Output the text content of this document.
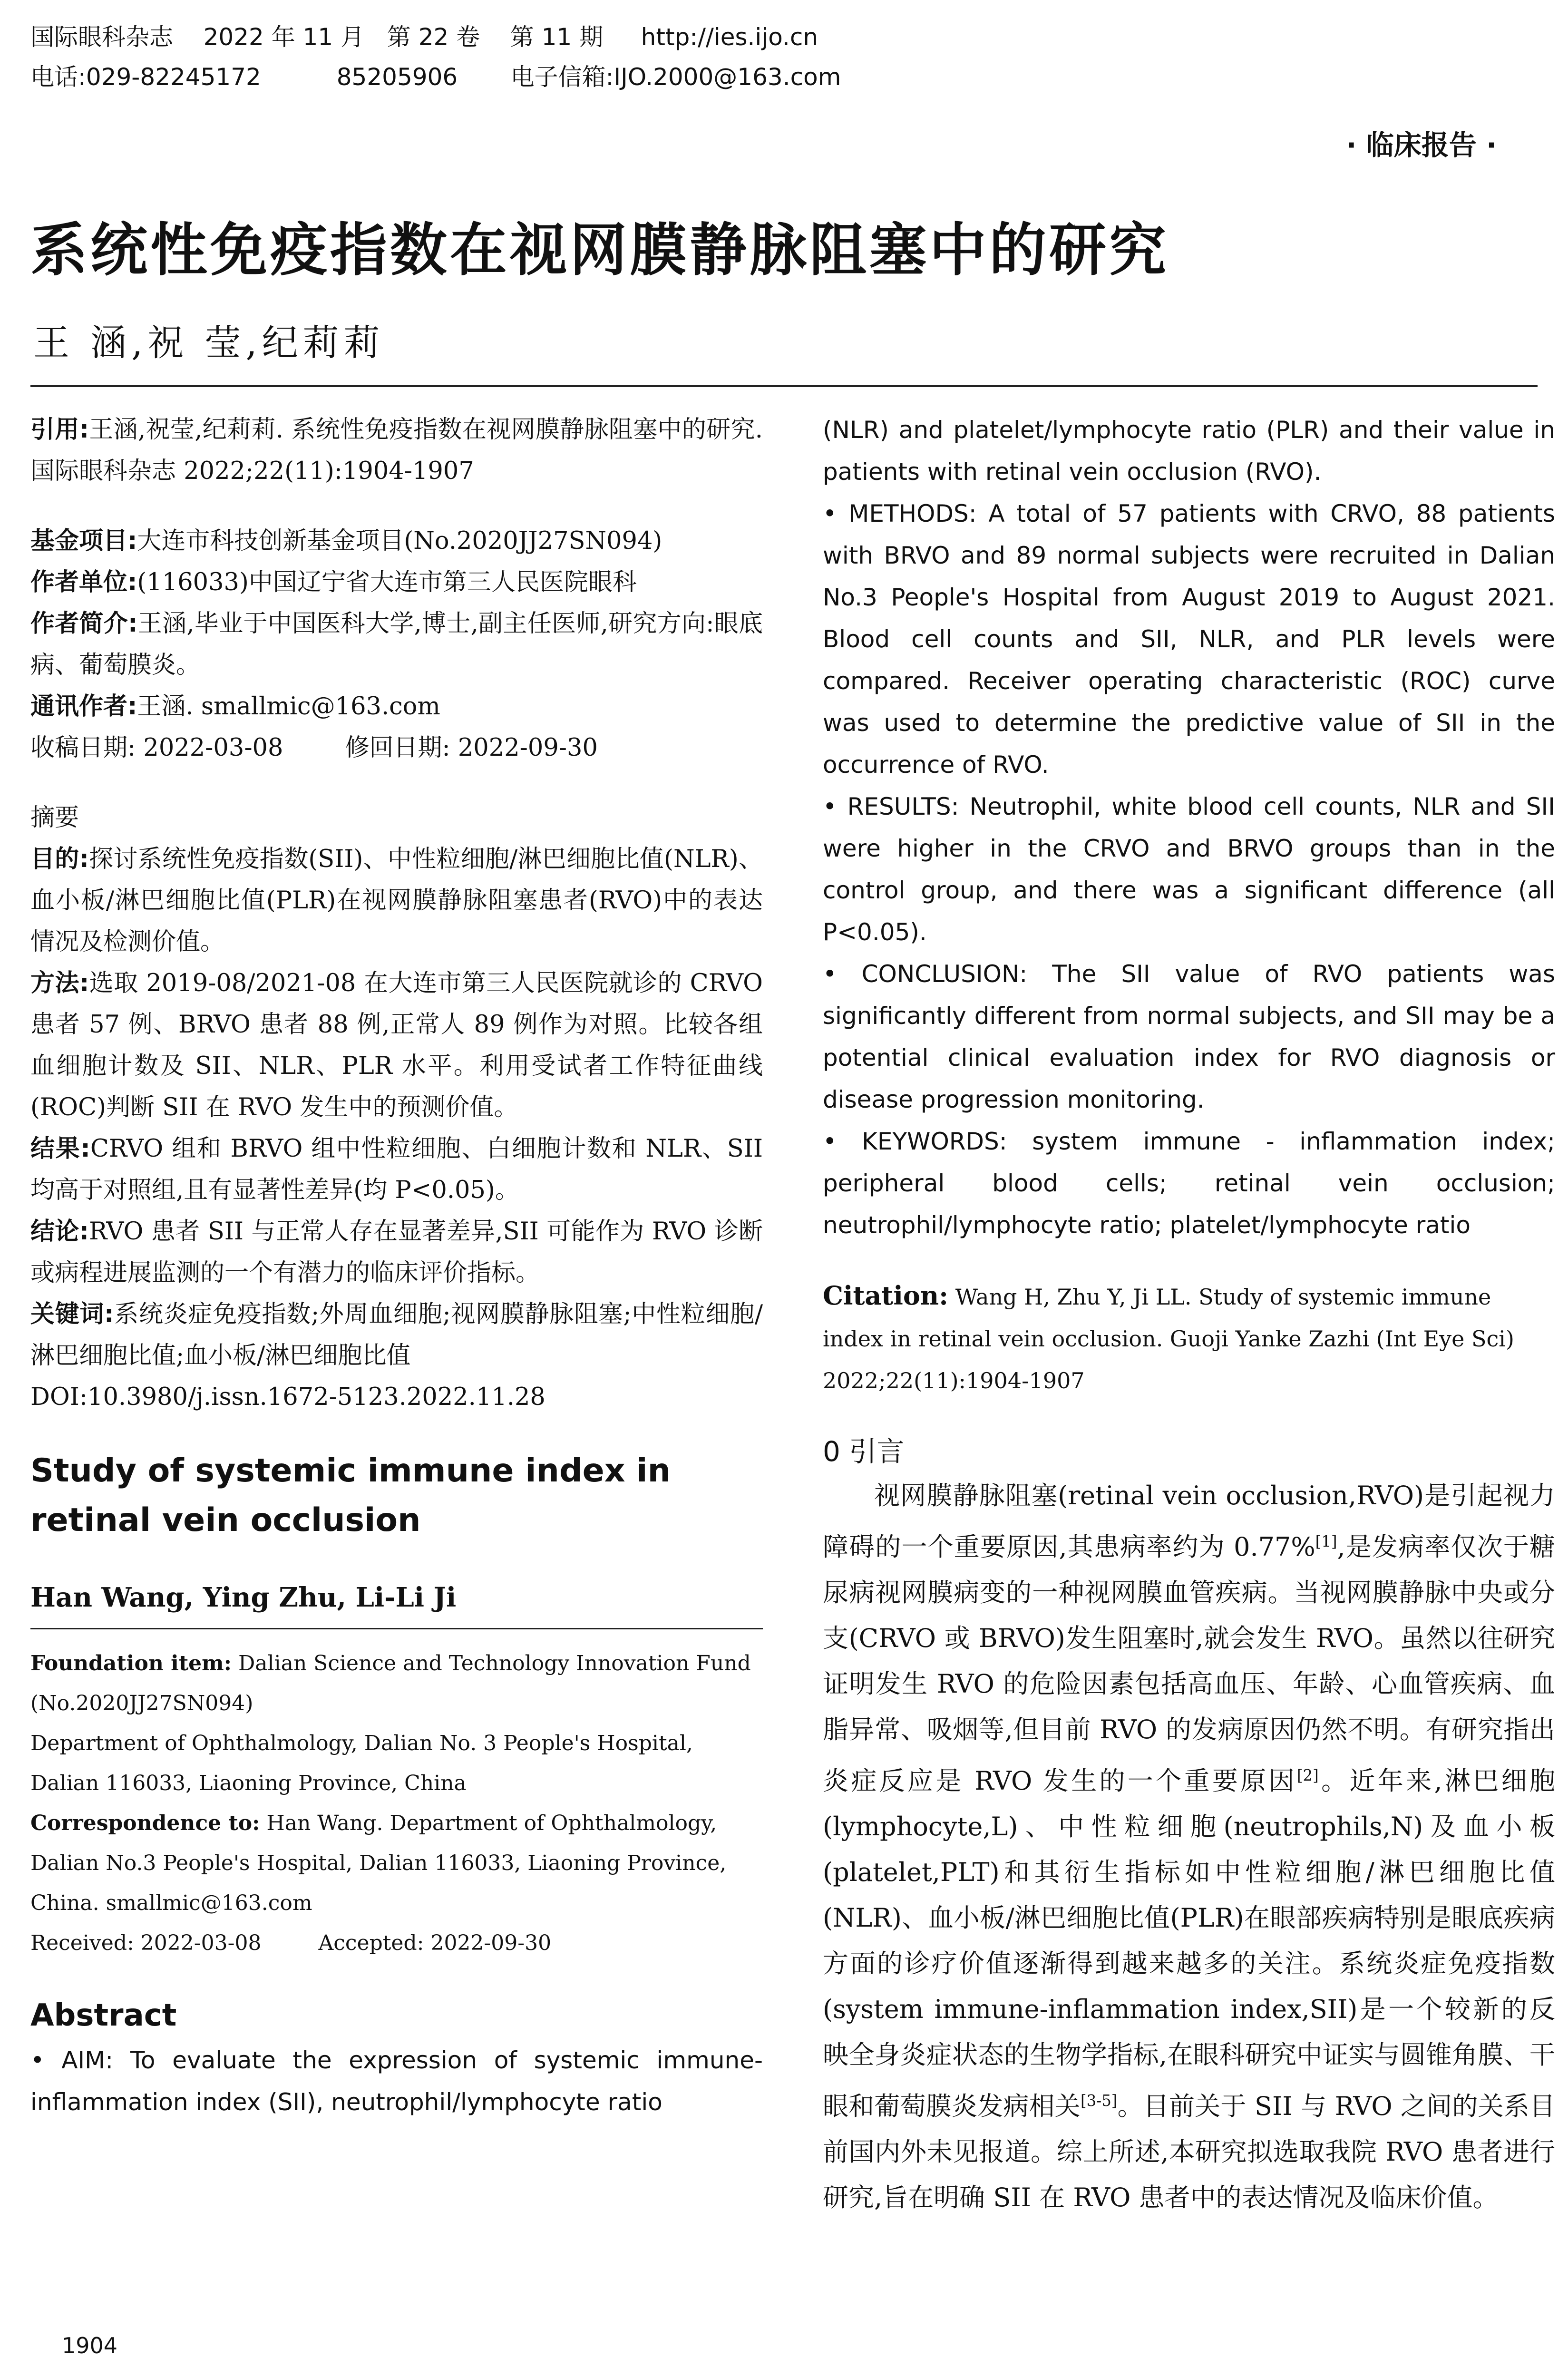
国际眼科杂志    2022 年 11 月   第 22 卷    第 11 期     http://ies.ijo.cn
电话:029-82245172          85205906       电子信箱:IJO.2000@163.com
· 临床报告 ·
系统性免疫指数在视网膜静脉阻塞中的研究
王 涵,祝 莹,纪莉莉
引用:王涵,祝莹,纪莉莉. 系统性免疫指数在视网膜静脉阻塞中的研究. 国际眼科杂志 2022;22(11):1904-1907
基金项目:大连市科技创新基金项目(No.2020JJ27SN094)
作者单位:(116033)中国辽宁省大连市第三人民医院眼科
作者简介:王涵,毕业于中国医科大学,博士,副主任医师,研究方向:眼底病、葡萄膜炎。
通讯作者:王涵. smallmic@163.com
收稿日期: 2022-03-08	修回日期: 2022-09-30
摘要
目的:探讨系统性免疫指数(SII)、中性粒细胞/淋巴细胞比值(NLR)、血小板/淋巴细胞比值(PLR)在视网膜静脉阻塞患者(RVO)中的表达情况及检测价值。
方法:选取 2019-08/2021-08 在大连市第三人民医院就诊的 CRVO 患者 57 例、BRVO 患者 88 例,正常人 89 例作为对照。比较各组血细胞计数及 SII、NLR、PLR 水平。利用受试者工作特征曲线(ROC)判断 SII 在 RVO 发生中的预测价值。
结果:CRVO 组和 BRVO 组中性粒细胞、白细胞计数和 NLR、SII 均高于对照组,且有显著性差异(均 P<0.05)。
结论:RVO 患者 SII 与正常人存在显著差异,SII 可能作为 RVO 诊断或病程进展监测的一个有潜力的临床评价指标。
关键词:系统炎症免疫指数;外周血细胞;视网膜静脉阻塞;中性粒细胞/淋巴细胞比值;血小板/淋巴细胞比值
DOI:10.3980/j.issn.1672-5123.2022.11.28
Study of systemic immune index in retinal vein occlusion
Han Wang, Ying Zhu, Li-Li Ji
Foundation item: Dalian Science and Technology Innovation Fund (No.2020JJ27SN094)
Department of Ophthalmology, Dalian No. 3 People's Hospital, Dalian 116033, Liaoning Province, China
Correspondence to: Han Wang. Department of Ophthalmology, Dalian No.3 People's Hospital, Dalian 116033, Liaoning Province, China. smallmic@163.com
Received: 2022-03-08	Accepted: 2022-09-30
Abstract
• AIM: To evaluate the expression of systemic immune-inflammation index (SII), neutrophil/lymphocyte ratio
(NLR) and platelet/lymphocyte ratio (PLR) and their value in patients with retinal vein occlusion (RVO).
• METHODS: A total of 57 patients with CRVO, 88 patients with BRVO and 89 normal subjects were recruited in Dalian No.3 People's Hospital from August 2019 to August 2021. Blood cell counts and SII, NLR, and PLR levels were compared. Receiver operating characteristic (ROC) curve was used to determine the predictive value of SII in the occurrence of RVO.
• RESULTS: Neutrophil, white blood cell counts, NLR and SII were higher in the CRVO and BRVO groups than in the control group, and there was a significant difference (all P<0.05).
• CONCLUSION: The SII value of RVO patients was significantly different from normal subjects, and SII may be a potential clinical evaluation index for RVO diagnosis or disease progression monitoring.
• KEYWORDS: system immune - inflammation index; peripheral blood cells; retinal vein occlusion; neutrophil/lymphocyte ratio; platelet/lymphocyte ratio
Citation: Wang H, Zhu Y, Ji LL. Study of systemic immune index in retinal vein occlusion. Guoji Yanke Zazhi (Int Eye Sci) 2022;22(11):1904-1907
0 引言
视网膜静脉阻塞(retinal vein occlusion,RVO)是引起视力障碍的一个重要原因,其患病率约为 0.77%[1],是发病率仅次于糖尿病视网膜病变的一种视网膜血管疾病。当视网膜静脉中央或分支(CRVO 或 BRVO)发生阻塞时,就会发生 RVO。虽然以往研究证明发生 RVO 的危险因素包括高血压、年龄、心血管疾病、血脂异常、吸烟等,但目前 RVO 的发病原因仍然不明。有研究指出炎症反应是 RVO 发生的一个重要原因[2]。近年来,淋巴细胞(lymphocyte,L)、中性粒细胞(neutrophils,N)及血小板(platelet,PLT)和其衍生指标如中性粒细胞/淋巴细胞比值(NLR)、血小板/淋巴细胞比值(PLR)在眼部疾病特别是眼底疾病方面的诊疗价值逐渐得到越来越多的关注。系统炎症免疫指数(system immune-inflammation index,SII)是一个较新的反映全身炎症状态的生物学指标,在眼科研究中证实与圆锥角膜、干眼和葡萄膜炎发病相关[3-5]。目前关于 SII 与 RVO 之间的关系目前国内外未见报道。综上所述,本研究拟选取我院 RVO 患者进行研究,旨在明确 SII 在 RVO 患者中的表达情况及临床价值。
1904
